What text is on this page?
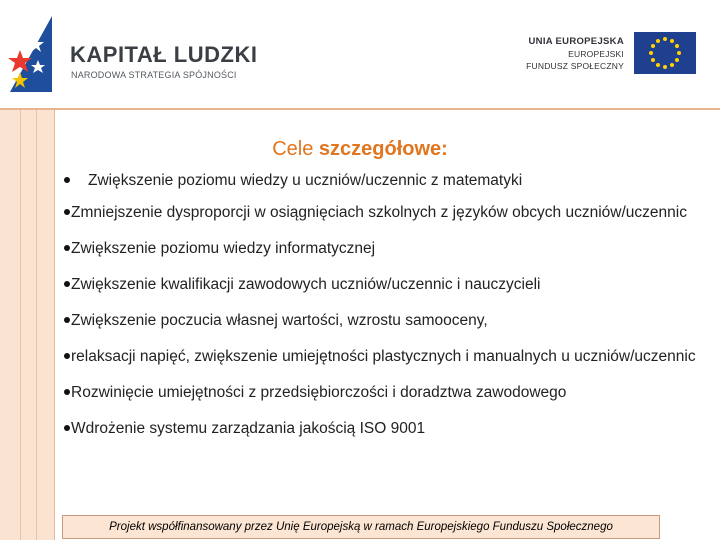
KAPITAŁ LUDZKI
NARODOWA STRATEGIA SPÓJNOŚCI
UNIA EUROPEJSKA
EUROPEJSKI
FUNDUSZ SPOŁECZNY
Cele szczegółowe:
Zwiększenie poziomu wiedzy u uczniów/uczennic z matematyki
Zmniejszenie dysproporcji w osiągnięciach szkolnych z języków obcych uczniów/uczennic
Zwiększenie poziomu wiedzy informatycznej
Zwiększenie kwalifikacji zawodowych uczniów/uczennic i nauczycieli
Zwiększenie poczucia własnej wartości, wzrostu samooceny,
relaksacji napięć, zwiększenie umiejętności plastycznych i manualnych u uczniów/uczennic
Rozwinięcie umiejętności z przedsiębiorczości i doradztwa zawodowego
Wdrożenie systemu zarządzania jakością ISO 9001
Projekt współfinansowany przez Unię Europejską w ramach Europejskiego Funduszu Społecznego
